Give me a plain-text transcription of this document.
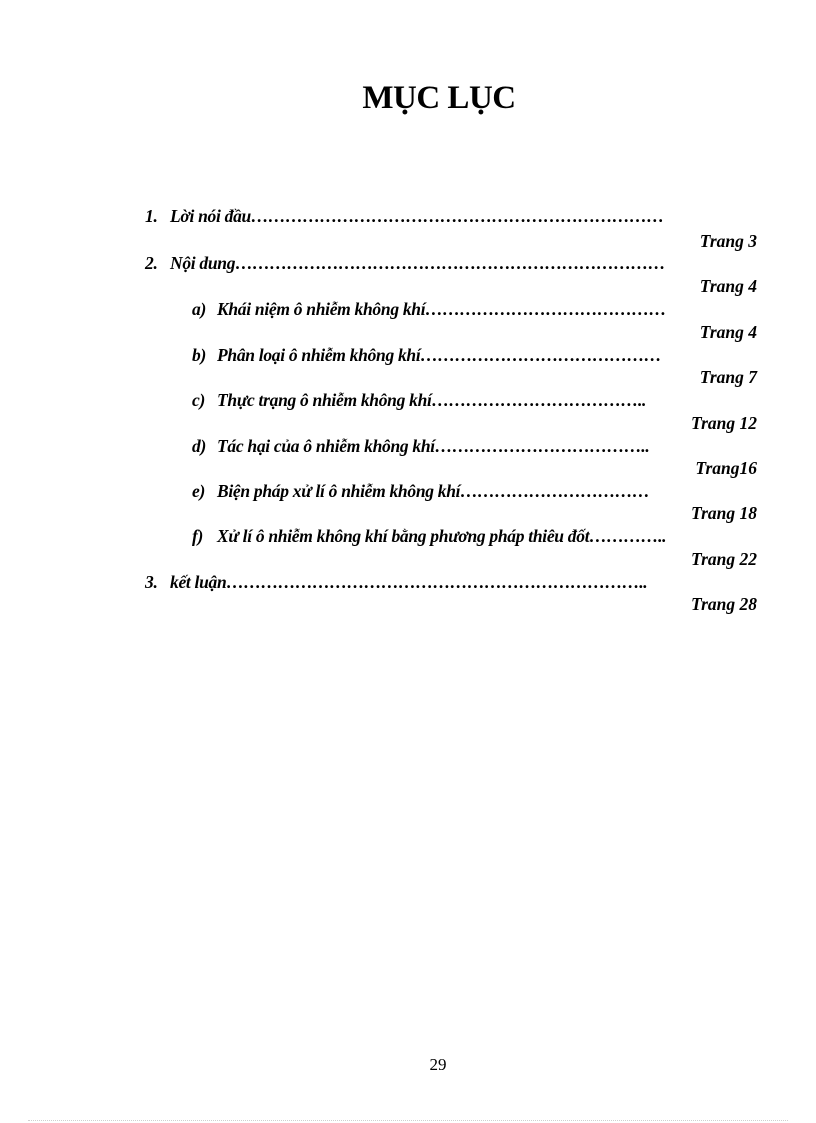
MỤC LỤC
1. Lời nói đầu………………………………………………………………
Trang 3
2. Nội dung…………………………………………………………………
Trang 4
a) Khái niệm ô nhiễm không khí……………………………………
Trang 4
b) Phân loại ô nhiễm không khí……………………………………
Trang 7
c) Thực trạng ô nhiễm không khí………………………………..
Trang 12
d) Tác hại của ô nhiễm không khí………………………………..
Trang16
e) Biện pháp xử lí ô nhiễm không khí……………………………
Trang 18
f) Xử lí ô nhiễm không khí bằng phương pháp thiêu đốt…………..
Trang 22
3. kết luận………………………………………………………………..
Trang 28
29
